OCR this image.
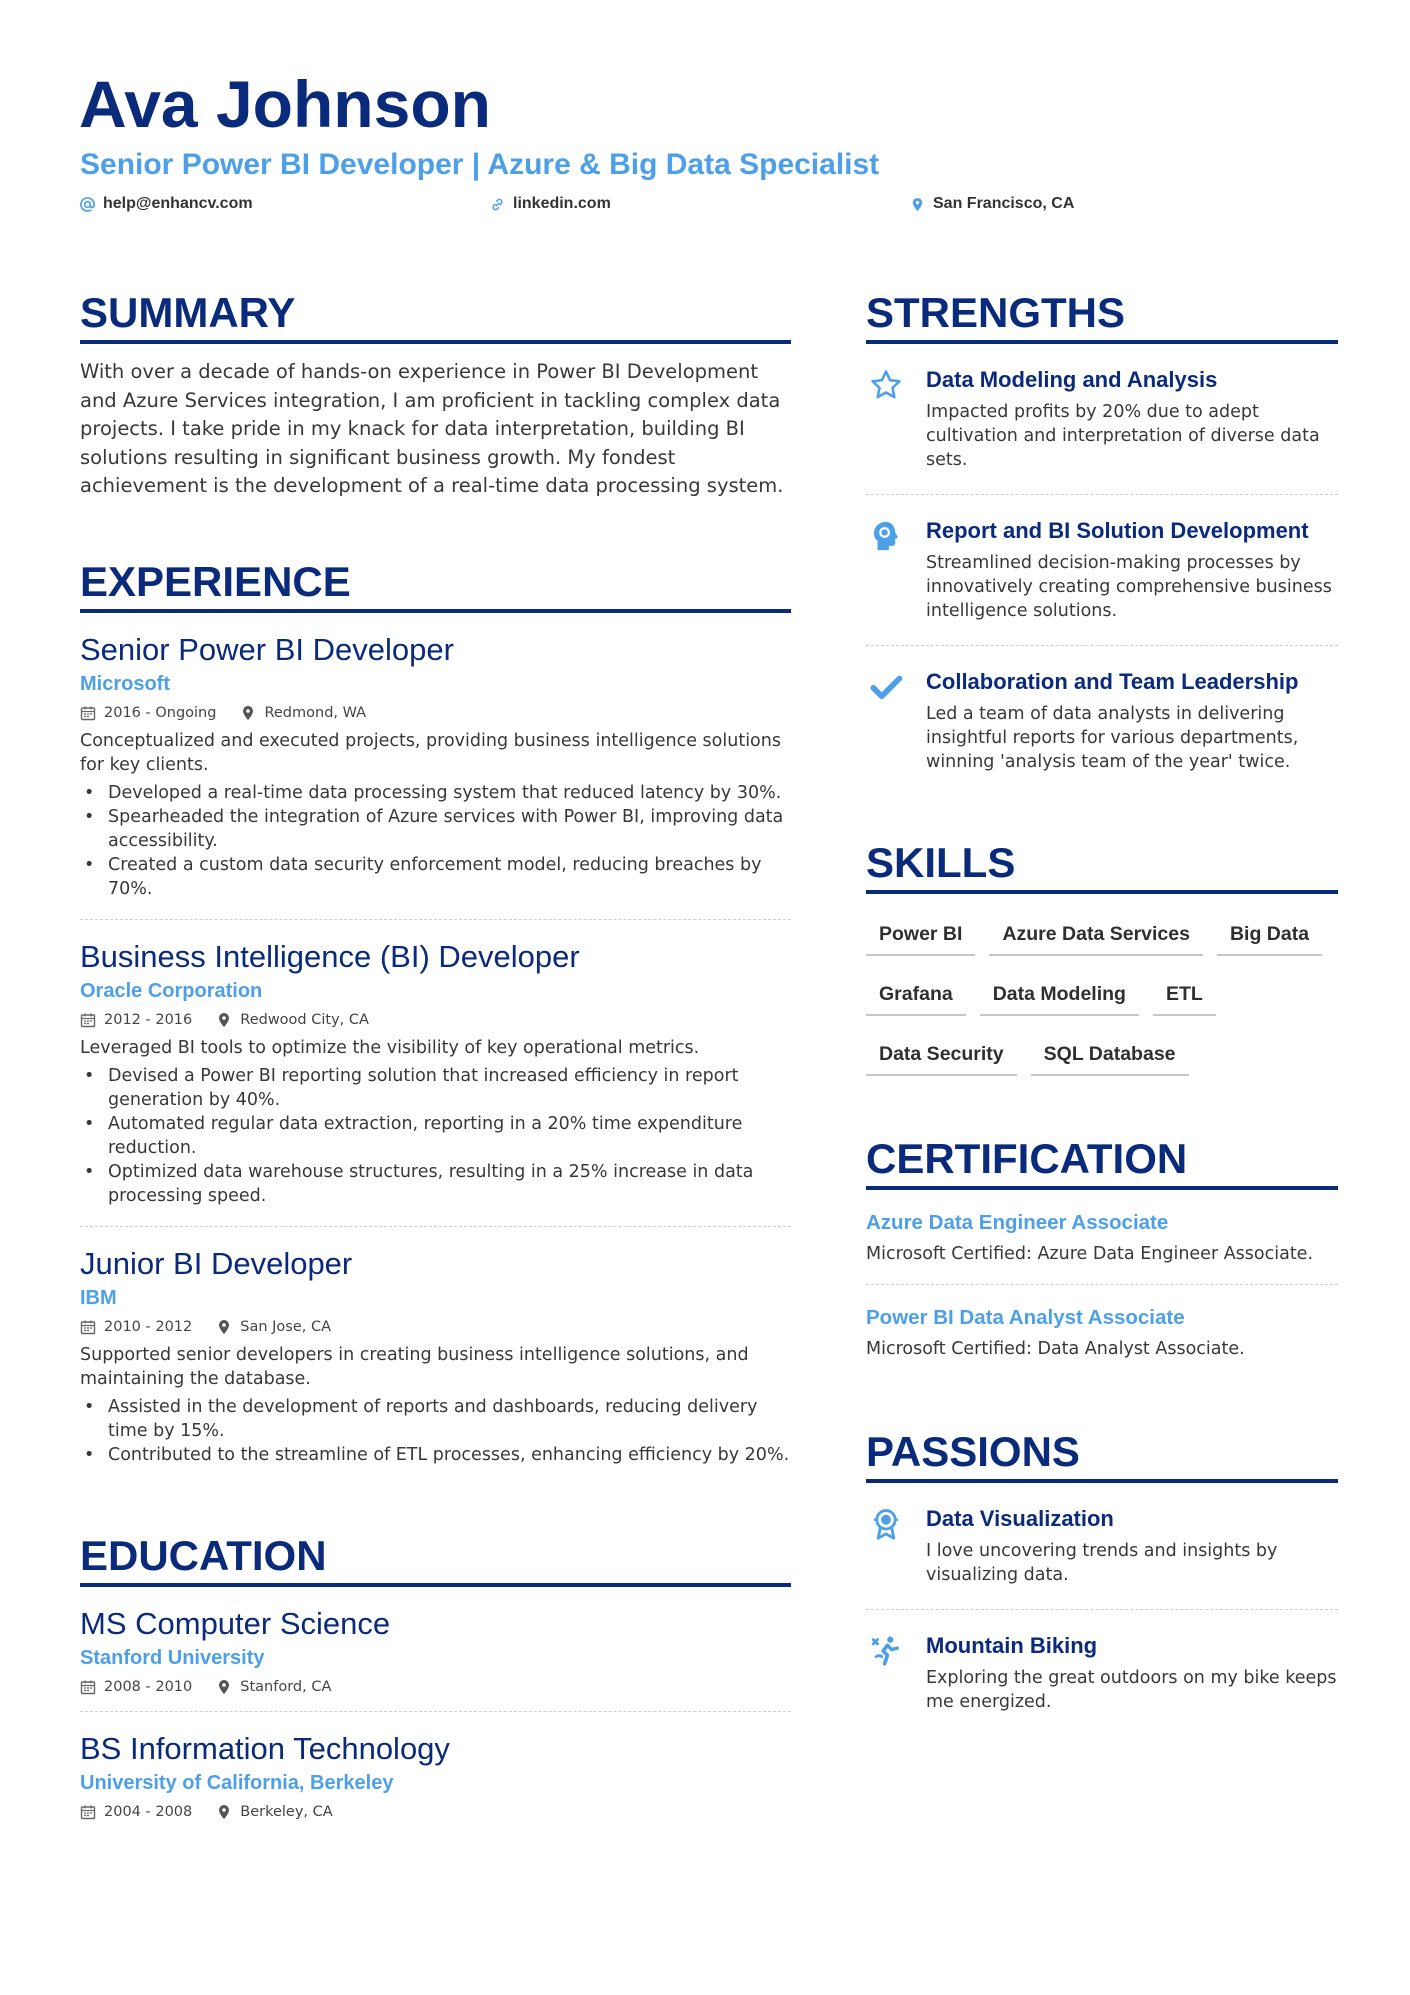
Ava Johnson
Senior Power BI Developer | Azure & Big Data Specialist
help@enhancv.com	linkedin.com	San Francisco, CA
SUMMARY

With over a decade of hands-on experience in Power BI Development and Azure Services integration, I am proficient in tackling complex data projects. I take pride in my knack for data interpretation, building BI solutions resulting in significant business growth. My fondest achievement is the development of a real-time data processing system.

EXPERIENCE
Senior Power BI Developer
Microsoft
2016 - Ongoing	Redmond, WA

Conceptualized and executed projects, providing business intelligence solutions for key clients.

• Developed a real-time data processing system that reduced latency by 30%.
• Spearheaded the integration of Azure services with Power BI, improving data accessibility.
• Created a custom data security enforcement model, reducing breaches by 70%.
Business Intelligence (BI) Developer
Oracle Corporation
2012 - 2016	Redwood City, CA

Leveraged BI tools to optimize the visibility of key operational metrics.

• Devised a Power BI reporting solution that increased efficiency in report generation by 40%.
• Automated regular data extraction, reporting in a 20% time expenditure reduction.
• Optimized data warehouse structures, resulting in a 25% increase in data processing speed.
Junior BI Developer
IBM
2010 - 2012	San Jose, CA

Supported senior developers in creating business intelligence solutions, and maintaining the database.

• Assisted in the development of reports and dashboards, reducing delivery time by 15%.
• Contributed to the streamline of ETL processes, enhancing efficiency by 20%.
EDUCATION
MS Computer Science
Stanford University
2008 - 2010	Stanford, CA
BS Information Technology
University of California, Berkeley
2004 - 2008	Berkeley, CA
STRENGTHS
Data Modeling and Analysis

Impacted profits by 20% due to adept cultivation and interpretation of diverse data sets.

Report and BI Solution Development

Streamlined decision-making processes by innovatively creating comprehensive business intelligence solutions.

Collaboration and Team Leadership

Led a team of data analysts in delivering insightful reports for various departments, winning 'analysis team of the year' twice.

SKILLS
Power BI	Azure Data Services	Big Data
Grafana	Data Modeling	ETL
Data Security	SQL Database
CERTIFICATION
Azure Data Engineer Associate

Microsoft Certified: Azure Data Engineer Associate.

Power BI Data Analyst Associate

Microsoft Certified: Data Analyst Associate.

PASSIONS
Data Visualization

I love uncovering trends and insights by visualizing data.

Mountain Biking

Exploring the great outdoors on my bike keeps me energized.
